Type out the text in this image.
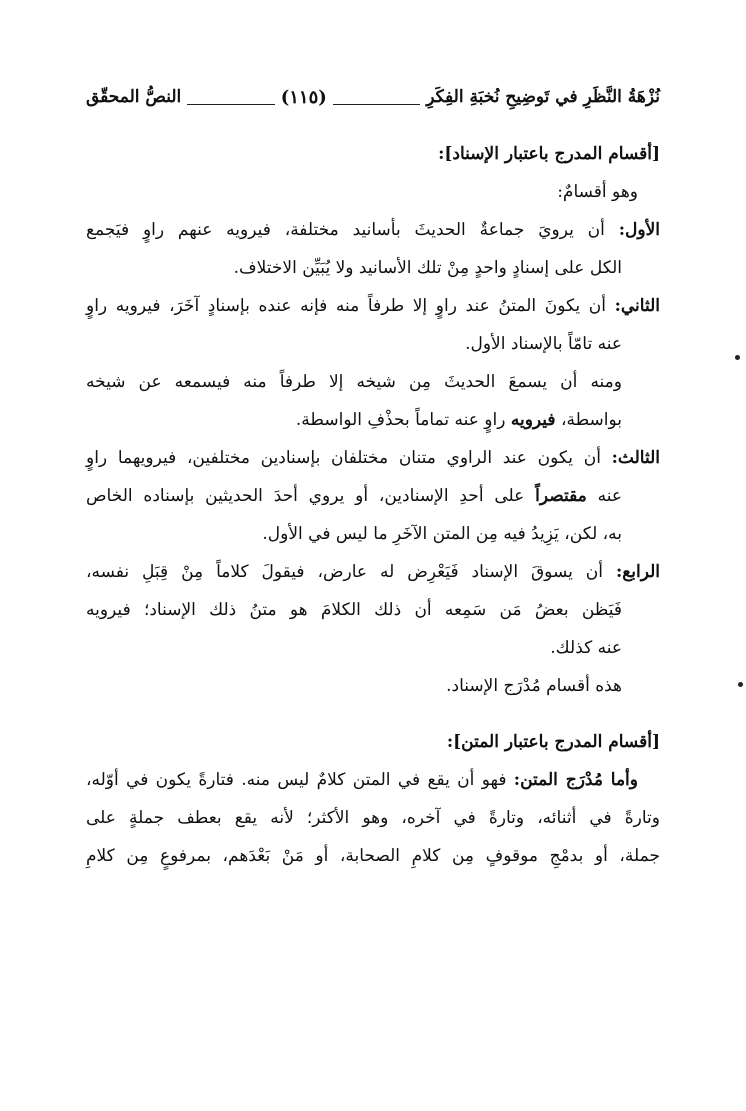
نُزْهَةُ النَّظَرِ في تَوضِيحِ نُخبَةِ الفِكَرِ
(١١٥)
النصُّ المحقّق

[أقسام المدرج باعتبار الإسناد]:

وهو أقسامٌ:

الأول: أن يرويَ جماعةٌ الحديثَ بأسانيد مختلفة، فيرويه عنهم راوٍ فيَجمع

الكل على إسنادٍ واحدٍ مِنْ تلك الأسانيد ولا يُبَيِّن الاختلاف.

الثاني: أن يكونَ المتنُ عند راوٍ إلا طرفاً منه فإنه عنده بإسنادٍ آخَرَ، فيرويه راوٍ

عنه تامّاً بالإسناد الأول.

ومنه أن يسمعَ الحديثَ مِن شيخه إلا طرفاً منه فيسمعه عن شيخه

بواسطة، فيرويه راوٍ عنه تماماً بحذْفِ الواسطة.

الثالث: أن يكون عند الراوي متنان مختلفان بإسنادين مختلفين، فيرويهما راوٍ

عنه مقتصراً على أحدِ الإسنادين، أو يروي أحدَ الحديثين بإسناده الخاص

به، لكن، يَزِيدُ فيه مِن المتن الآخَرِ ما ليس في الأول.

الرابع: أن يسوقَ الإسناد فَيَعْرِض له عارض، فيقولَ كلاماً مِنْ قِبَلِ نفسه،

فَيَظن بعضُ مَن سَمِعه أن ذلك الكلامَ هو متنُ ذلك الإسناد؛ فيرويه

عنه كذلك.

هذه أقسام مُدْرَج الإسناد.

[أقسام المدرج باعتبار المتن]:

وأما مُدْرَج المتن: فهو أن يقع في المتن كلامٌ ليس منه. فتارةً يكون في أوّله،

وتارةً في أثنائه، وتارةً في آخره، وهو الأكثر؛ لأنه يقع بعطف جملةٍ على

جملة، أو بدمْجِ موقوفٍ مِن كلامِ الصحابة، أو مَنْ بَعْدَهم، بمرفوعٍ مِن كلامِ
